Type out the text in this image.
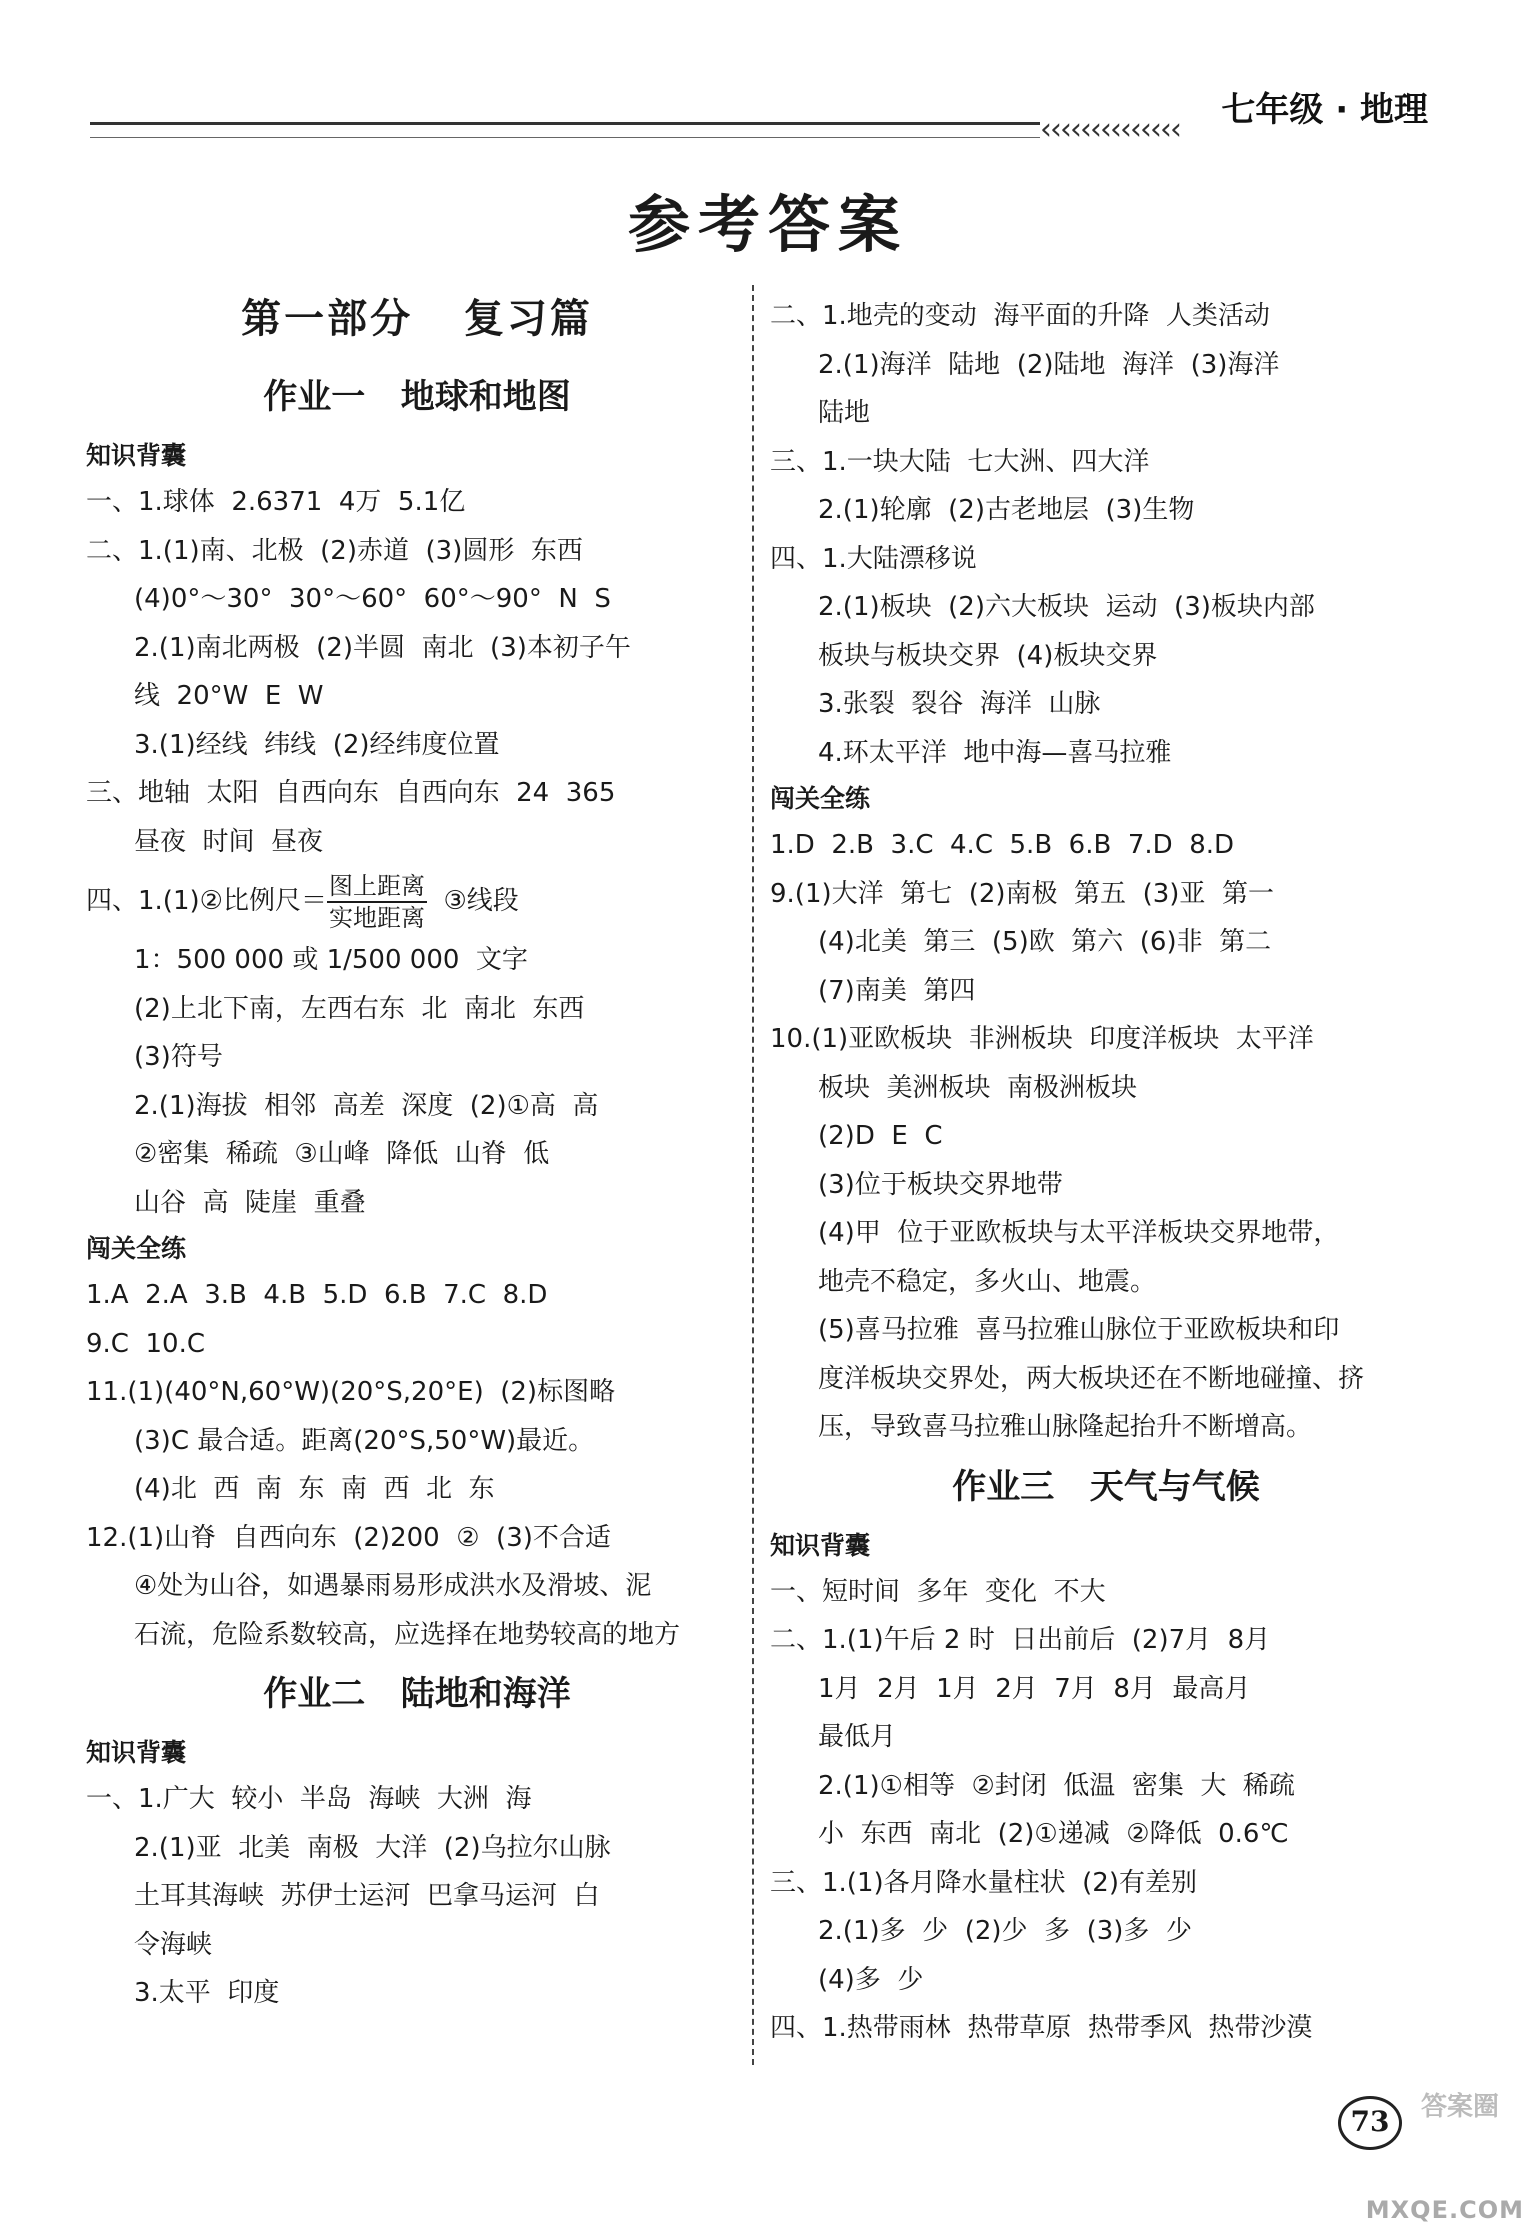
‹‹‹‹‹‹‹‹‹‹‹‹‹‹	七年级 · 地理
参考答案
第一部分   复习篇
作业一   地球和地图
知识背囊
一、1.球体  2.6371  4万  5.1亿
二、1.(1)南、北极  (2)赤道  (3)圆形  东西
(4)0°～30°  30°～60°  60°～90°  N  S
2.(1)南北两极  (2)半圆  南北  (3)本初子午
线  20°W  E  W
3.(1)经线  纬线  (2)经纬度位置
三、地轴  太阳  自西向东  自西向东  24  365
昼夜  时间  昼夜
四、1.(1)②比例尺＝ $\frac{\text{图上距离}}{\text{实地距离}}$ ③线段
1：500 000 或 1/500 000  文字
(2)上北下南，左西右东  北  南北  东西
(3)符号
2.(1)海拔  相邻  高差  深度  (2)①高  高
②密集  稀疏  ③山峰  降低  山脊  低
山谷  高  陡崖  重叠
闯关全练
1.A  2.A  3.B  4.B  5.D  6.B  7.C  8.D
9.C  10.C
11.(1)(40°N,60°W)(20°S,20°E)  (2)标图略
(3)C 最合适。距离(20°S,50°W)最近。
(4)北  西  南  东  南  西  北  东
12.(1)山脊  自西向东  (2)200  ②  (3)不合适
④处为山谷，如遇暴雨易形成洪水及滑坡、泥
石流，危险系数较高，应选择在地势较高的地方
作业二   陆地和海洋
知识背囊
一、1.广大  较小  半岛  海峡  大洲  海
2.(1)亚  北美  南极  大洋  (2)乌拉尔山脉
土耳其海峡  苏伊士运河  巴拿马运河  白
令海峡
3.太平  印度
二、1.地壳的变动  海平面的升降  人类活动
2.(1)海洋  陆地  (2)陆地  海洋  (3)海洋
陆地
三、1.一块大陆  七大洲、四大洋
2.(1)轮廓  (2)古老地层  (3)生物
四、1.大陆漂移说
2.(1)板块  (2)六大板块  运动  (3)板块内部
板块与板块交界  (4)板块交界
3.张裂  裂谷  海洋  山脉
4.环太平洋  地中海—喜马拉雅
闯关全练
1.D  2.B  3.C  4.C  5.B  6.B  7.D  8.D
9.(1)大洋  第七  (2)南极  第五  (3)亚  第一
(4)北美  第三  (5)欧  第六  (6)非  第二
(7)南美  第四
10.(1)亚欧板块  非洲板块  印度洋板块  太平洋
板块  美洲板块  南极洲板块
(2)D  E  C
(3)位于板块交界地带
(4)甲  位于亚欧板块与太平洋板块交界地带，
地壳不稳定，多火山、地震。
(5)喜马拉雅  喜马拉雅山脉位于亚欧板块和印
度洋板块交界处，两大板块还在不断地碰撞、挤
压，导致喜马拉雅山脉隆起抬升不断增高。
作业三   天气与气候
知识背囊
一、短时间  多年  变化  不大
二、1.(1)午后 2 时  日出前后  (2)7月  8月
1月  2月  1月  2月  7月  8月  最高月
最低月
2.(1)①相等  ②封闭  低温  密集  大  稀疏
小  东西  南北  (2)①递减  ②降低  0.6℃
三、1.(1)各月降水量柱状  (2)有差别
2.(1)多  少  (2)少  多  (3)多  少
(4)多  少
四、1.热带雨林  热带草原  热带季风  热带沙漠
73	答案圈
MXQE.COM
